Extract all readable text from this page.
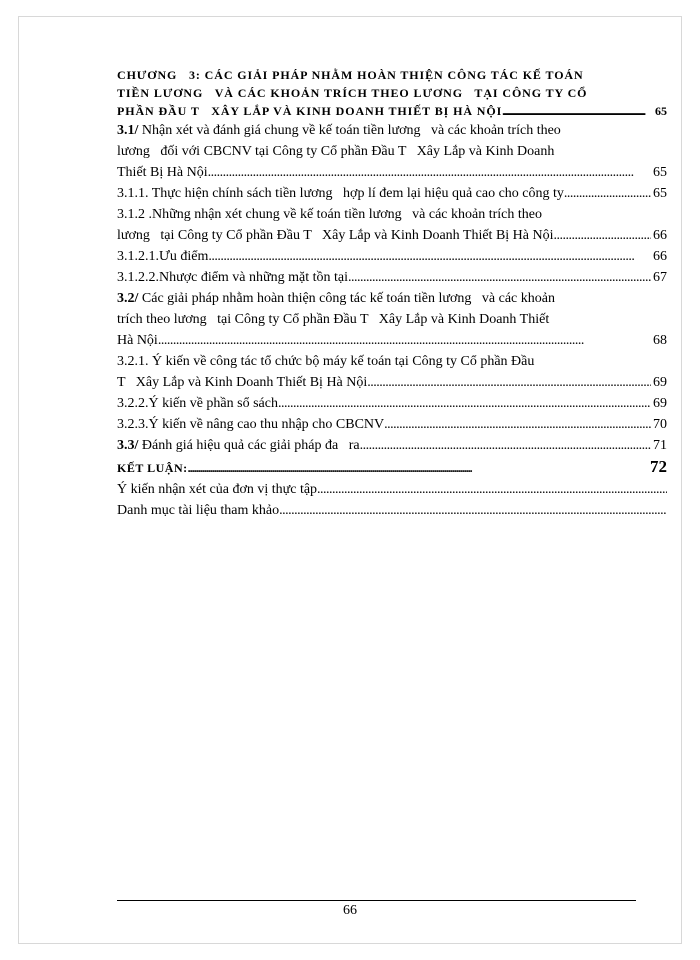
CHƯƠNG   3: CÁC GIẢI PHÁP NHẰM HOÀN THIỆN CÔNG TÁC KẾ TOÁN
TIỀN LƯƠNG   VÀ CÁC KHOẢN TRÍCH THEO LƯƠNG   TẠI CÔNG TY CỔ
PHẦN ĐẦU T   XÂY LẮP VÀ KINH DOANH THIẾT BỊ HÀ NỘI . . .	65
3.1/ Nhận xét và đánh giá chung về kế toán tiền lương   và các khoản trích theo
lương   đối với CBCNV tại Công ty Cổ phần Đầu T   Xây Lắp và Kinh Doanh
Thiết Bị Hà Nội . . .	65
3.1.1. Thực hiện chính sách tiền lương   hợp lí đem lại hiệu quả cao cho công ty . . .	65
3.1.2 .Những nhận xét chung về kế toán tiền lương   và các khoản trích theo
lương   tại Công ty Cổ phần Đầu T   Xây Lắp và Kinh Doanh Thiết Bị Hà Nội . . .	66
3.1.2.1.Ưu điểm . . .	66
3.1.2.2.Nhược điểm và những mặt tồn tại . . .	67
3.2/ Các giải pháp nhằm hoàn thiện công tác kế toán tiền lương   và các khoản
trích theo lương   tại Công ty Cổ phần Đầu T   Xây Lắp và Kinh Doanh Thiết
Hà Nội . . .	68
3.2.1. Ý kiến về công tác tổ chức bộ máy kế toán tại Công ty Cổ phần Đầu
T   Xây Lắp và Kinh Doanh Thiết Bị Hà Nội . . .	69
3.2.2.Ý kiến về phần sổ sách . . .	69
3.2.3.Ý kiến về nâng cao thu nhập cho CBCNV . . .	70
3.3/ Đánh giá hiệu quả các giải pháp đa   ra . . .	71
KẾT LUẬN: . . .	72
Ý kiến nhận xét của đơn vị thực tập
. . .
Danh mục tài liệu tham khảo
. . .
66
